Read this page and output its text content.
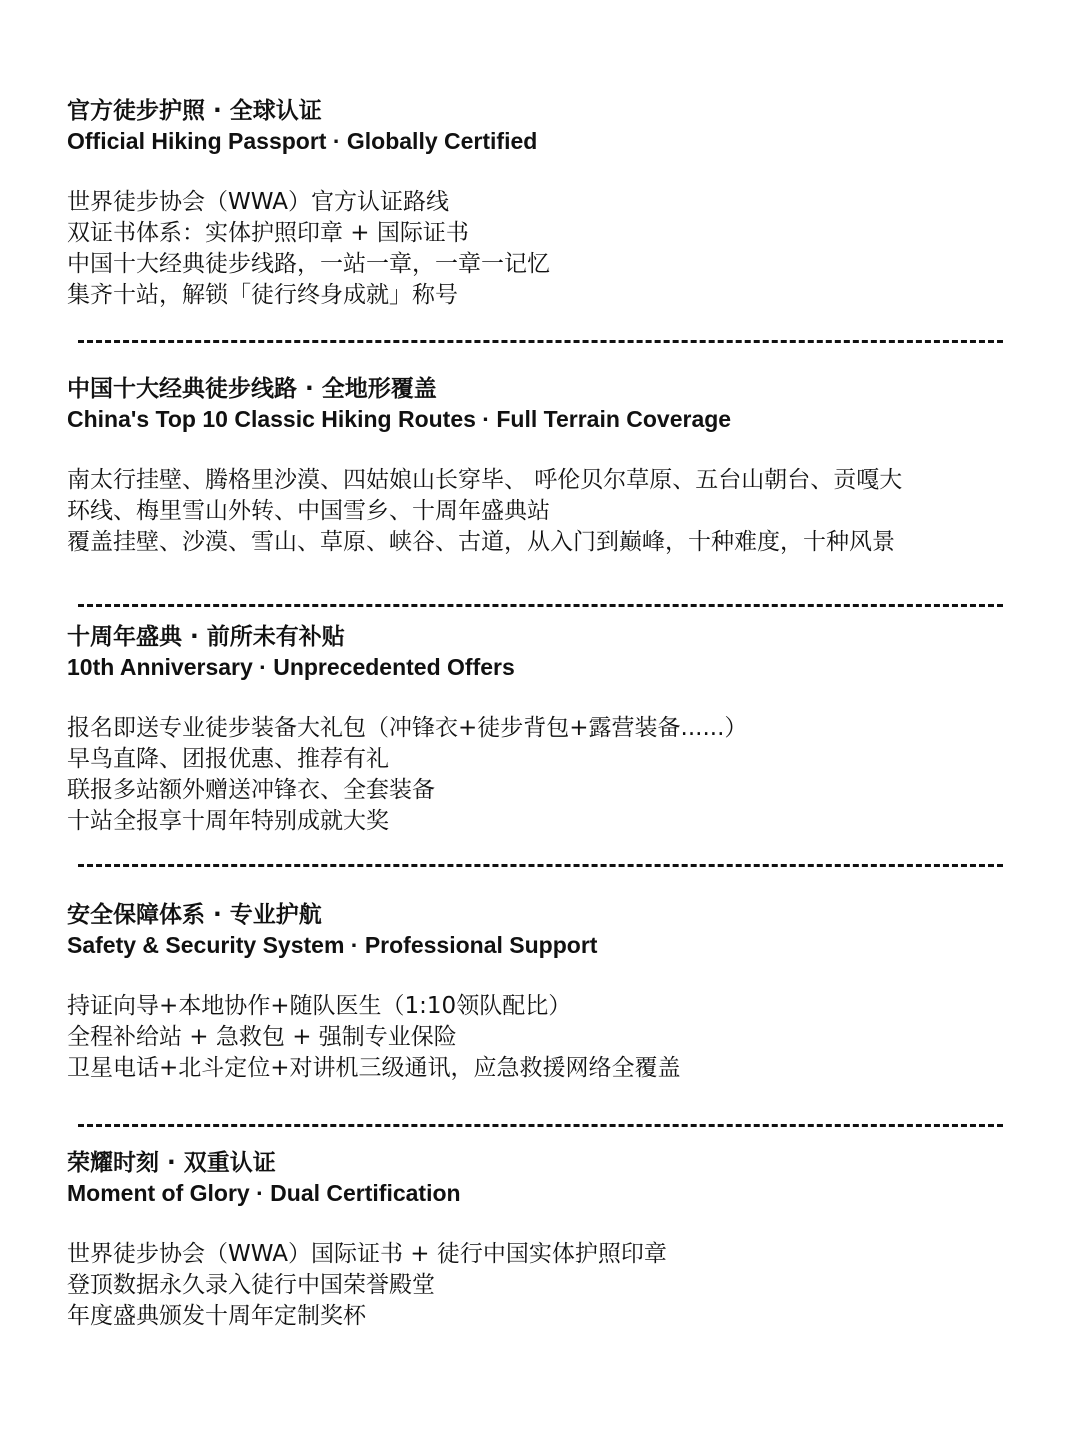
官方徒步护照 · 全球认证
Official Hiking Passport · Globally Certified
世界徒步协会（WWA）官方认证路线
双证书体系：实体护照印章 + 国际证书
中国十大经典徒步线路，一站一章，一章一记忆
集齐十站，解锁「徒行终身成就」称号
中国十大经典徒步线路 · 全地形覆盖
China's Top 10 Classic Hiking Routes · Full Terrain Coverage
南太行挂壁、腾格里沙漠、四姑娘山长穿毕、 呼伦贝尔草原、五台山朝台、贡嘎大
环线、梅里雪山外转、中国雪乡、十周年盛典站
覆盖挂壁、沙漠、雪山、草原、峡谷、古道，从入门到巅峰，十种难度，十种风景
十周年盛典 · 前所未有补贴
10th Anniversary · Unprecedented Offers
报名即送专业徒步装备大礼包（冲锋衣+徒步背包+露营装备......）
早鸟直降、团报优惠、推荐有礼
联报多站额外赠送冲锋衣、全套装备
十站全报享十周年特别成就大奖
安全保障体系 · 专业护航
Safety & Security System · Professional Support
持证向导+本地协作+随队医生（1:10领队配比）
全程补给站 + 急救包 + 强制专业保险
卫星电话+北斗定位+对讲机三级通讯，应急救援网络全覆盖
荣耀时刻 · 双重认证
Moment of Glory · Dual Certification
世界徒步协会（WWA）国际证书 + 徒行中国实体护照印章
登顶数据永久录入徒行中国荣誉殿堂
年度盛典颁发十周年定制奖杯
